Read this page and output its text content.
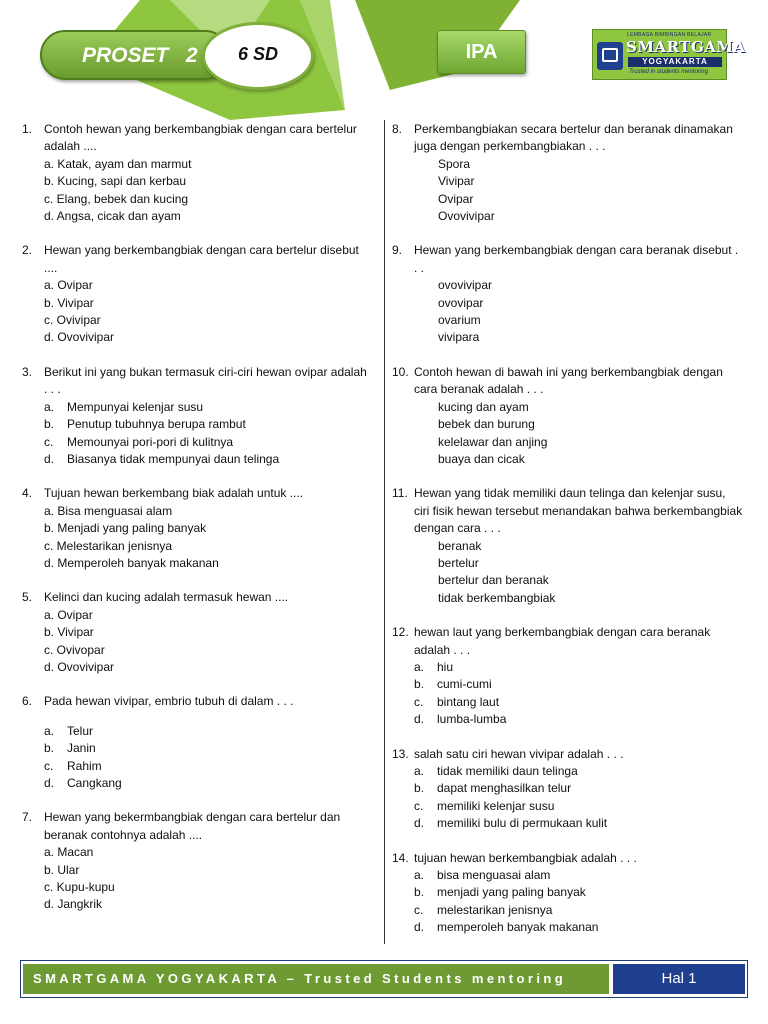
PROSET 2	6 SD	IPA
LEMBAGA BIMBINGAN BELAJAR
SMARTGAMA
YOGYAKARTA
Trusted in students mentoring
1. Contoh hewan yang berkembangbiak dengan cara bertelur adalah ....
a. Katak, ayam dan marmut
b. Kucing, sapi dan kerbau
c. Elang, bebek dan kucing
d. Angsa, cicak dan ayam
2. Hewan yang berkembangbiak dengan cara bertelur disebut ....
a. Ovipar
b. Vivipar
c. Ovivipar
d. Ovovivipar
3. Berikut ini yang bukan termasuk ciri-ciri hewan ovipar adalah . . .
a.	Mempunyai kelenjar susu
b.	Penutup tubuhnya berupa rambut
c.	Memounyai pori-pori di kulitnya
d.	Biasanya tidak mempunyai daun telinga
4. Tujuan hewan berkembang biak adalah untuk ....
a. Bisa menguasai alam
b. Menjadi yang paling banyak
c. Melestarikan jenisnya
d. Memperoleh banyak makanan
5. Kelinci dan kucing adalah termasuk hewan ....
a. Ovipar
b. Vivipar
c. Ovivopar
d. Ovovivipar
6. Pada hewan vivipar, embrio tubuh di dalam . . .
a.	Telur
b.	Janin
c.	Rahim
d.	Cangkang
7. Hewan yang bekermbangbiak dengan cara bertelur dan beranak contohnya adalah ....
a. Macan
b. Ular
c. Kupu-kupu
d. Jangkrik
8. Perkembangbiakan secara bertelur dan beranak dinamakan juga dengan perkembangbiakan . . .
Spora
Vivipar
Ovipar
Ovovivipar
9. Hewan yang berkembangbiak dengan cara beranak disebut . . .
ovovivipar
ovovipar
ovarium
vivipara
10. Contoh hewan di bawah ini yang berkembangbiak dengan cara beranak adalah . . .
kucing dan ayam
bebek dan burung
kelelawar dan anjing
buaya dan cicak
11. Hewan yang tidak memiliki daun telinga dan kelenjar susu, ciri fisik hewan tersebut menandakan bahwa berkembangbiak dengan cara . . .
beranak
bertelur
bertelur dan beranak
tidak berkembangbiak
12. hewan laut yang berkembangbiak dengan cara beranak adalah . . .
a.	hiu
b.	cumi-cumi
c.	bintang laut
d.	lumba-lumba
13. salah satu ciri hewan vivipar adalah . . .
a.	tidak memiliki daun telinga
b.	dapat menghasilkan telur
c.	memiliki kelenjar susu
d.	memiliki bulu di permukaan kulit
14. tujuan hewan berkembangbiak adalah . . .
a.	bisa menguasai alam
b.	menjadi yang paling banyak
c.	melestarikan jenisnya
d.	memperoleh banyak makanan
SMARTGAMA YOGYAKARTA – Trusted Students mentoring	Hal 1
